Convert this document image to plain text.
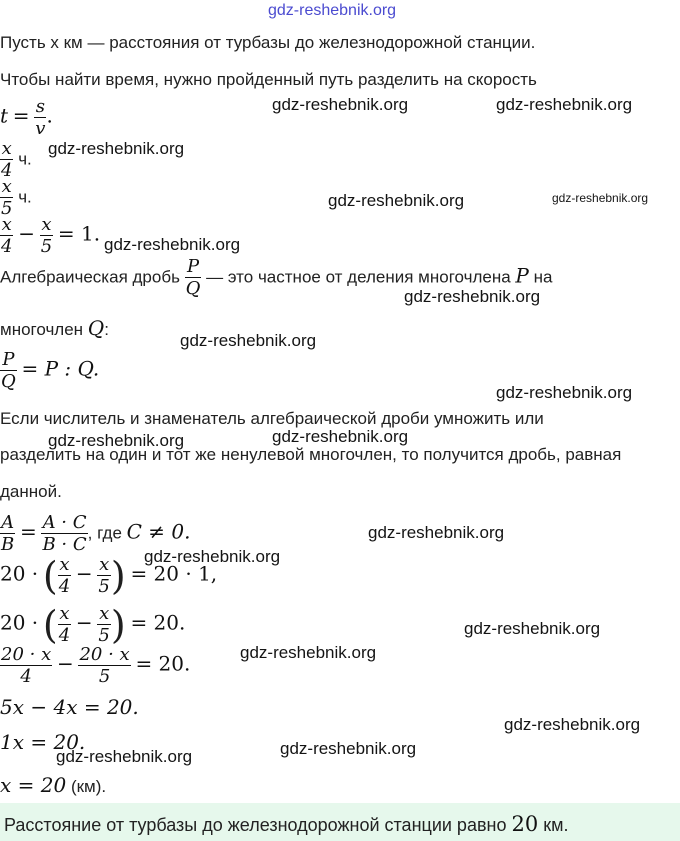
gdz-reshebnik.org
Пусть x км — расстояния от турбазы до железнодорожной станции.
Чтобы найти время, нужно пройденный путь разделить на скорость
$t = \frac{s}{v}$ .
$\frac{x}{4} ч$.
$\frac{x}{5} ч$.
$\frac{x}{4} - \frac{x}{5} = 1$.
Алгебраическая дробь $\frac{P}{Q}$ — это частное от деления многочлена P на
многочлен Q:
$\frac{P}{Q} = P$ : Q.
Если числитель и знаменатель алгебраической дроби умножить или
разделить на один и тот же ненулевой многочлен, то получится дробь, равная
данной.
$\frac{A}{B} = \frac{A \cdot C}{B \cdot C}$ , где C ≠ 0.
20 · ( $\frac{x}{4} - \frac{x}{5}$ ) = 20 · 1,
20 · ( $\frac{x}{4} - \frac{x}{5}$ ) = 20.
$\frac{20 \cdot x}{4} - \frac{20 \cdot x}{5} = 20$.
5x − 4x = 20.
1x = 20.
x = 20 (км).
Расстояние от турбазы до железнодорожной станции равно 20 км.
gdz-reshebnik.org	gdz-reshebnik.org
gdz-reshebnik.org
gdz-reshebnik.org	gdz-reshebnik.org
gdz-reshebnik.org
gdz-reshebnik.org
gdz-reshebnik.org
gdz-reshebnik.org
gdz-reshebnik.org	gdz-reshebnik.org
gdz-reshebnik.org
gdz-reshebnik.org
gdz-reshebnik.org
gdz-reshebnik.org
gdz-reshebnik.org
gdz-reshebnik.org
gdz-reshebnik.org
